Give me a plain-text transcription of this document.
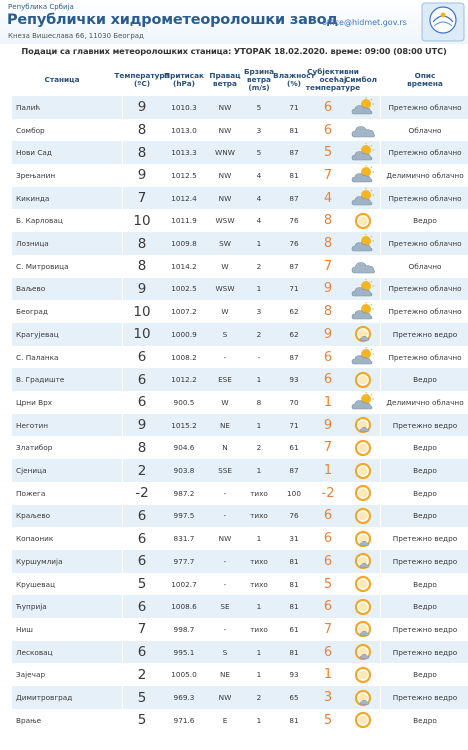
Република Србија
Републички хидрометеоролошки завод
Кнеза Вишеславa 66, 11030 Београд
office@hidmet.gov.rs
Подаци са главних метеоролошких станица: УТОРАК 18.02.2020. време: 09:00 (08:00 UTC)
Станица	Температура
(ºC)
Притисак
(hPa)
Правац
ветра
Брзина
ветра
(m/s)
Влажност
(%)
Субјективни
осећај
температуре
Симбол	Опис
времена
Палић	9	1010.3	NW	5	71	6	Претежно облачно
Сомбор	8	1013.0	NW	3	81	6	Облачно
Нови Сад	8	1013.3	WNW	5	87	5	Претежно облачно
Зрењанин	9	1012.5	NW	4	81	7	Делимично облачно
Кикинда	7	1012.4	NW	4	87	4	Претежно облачно
Б. Карловац	10	1011.9	WSW	4	76	8	Ведро
Лозница	8	1009.8	SW	1	76	8	Претежно облачно
С. Митровица	8	1014.2	W	2	87	7	Облачно
Ваљево	9	1002.5	WSW	1	71	9	Претежно облачно
Београд	10	1007.2	W	3	62	8	Претежно облачно
Крагујевац	10	1000.9	S	2	62	9	Претежно ведро
С. Паланка	6	1008.2	-	-	87	6	Претежно облачно
В. Градиште	6	1012.2	ESE	1	93	6	Ведро
Црни Врх	6	900.5	W	8	70	1	Делимично облачно
Неготин	9	1015.2	NE	1	71	9	Претежно ведро
Златибор	8	904.6	N	2	61	7	Ведро
Сјеница	2	903.8	SSE	1	87	1	Ведро
Пожега	-2	987.2	-	тихо	100	-2	Ведро
Краљево	6	997.5	-	тихо	76	6	Ведро
Копаоник	6	831.7	NW	1	31	6	Претежно ведро
Куршумлија	6	977.7	-	тихо	81	6	Претежно ведро
Крушевац	5	1002.7	-	тихо	81	5	Ведро
Ћуприја	6	1008.6	SE	1	81	6	Ведро
Ниш	7	998.7	-	тихо	61	7	Претежно ведро
Лесковац	6	995.1	S	1	81	6	Претежно ведро
Зајечар	2	1005.0	NE	1	93	1	Ведро
Димитровград	5	969.3	NW	2	65	3	Претежно ведро
Врање	5	971.6	E	1	81	5	Ведро
